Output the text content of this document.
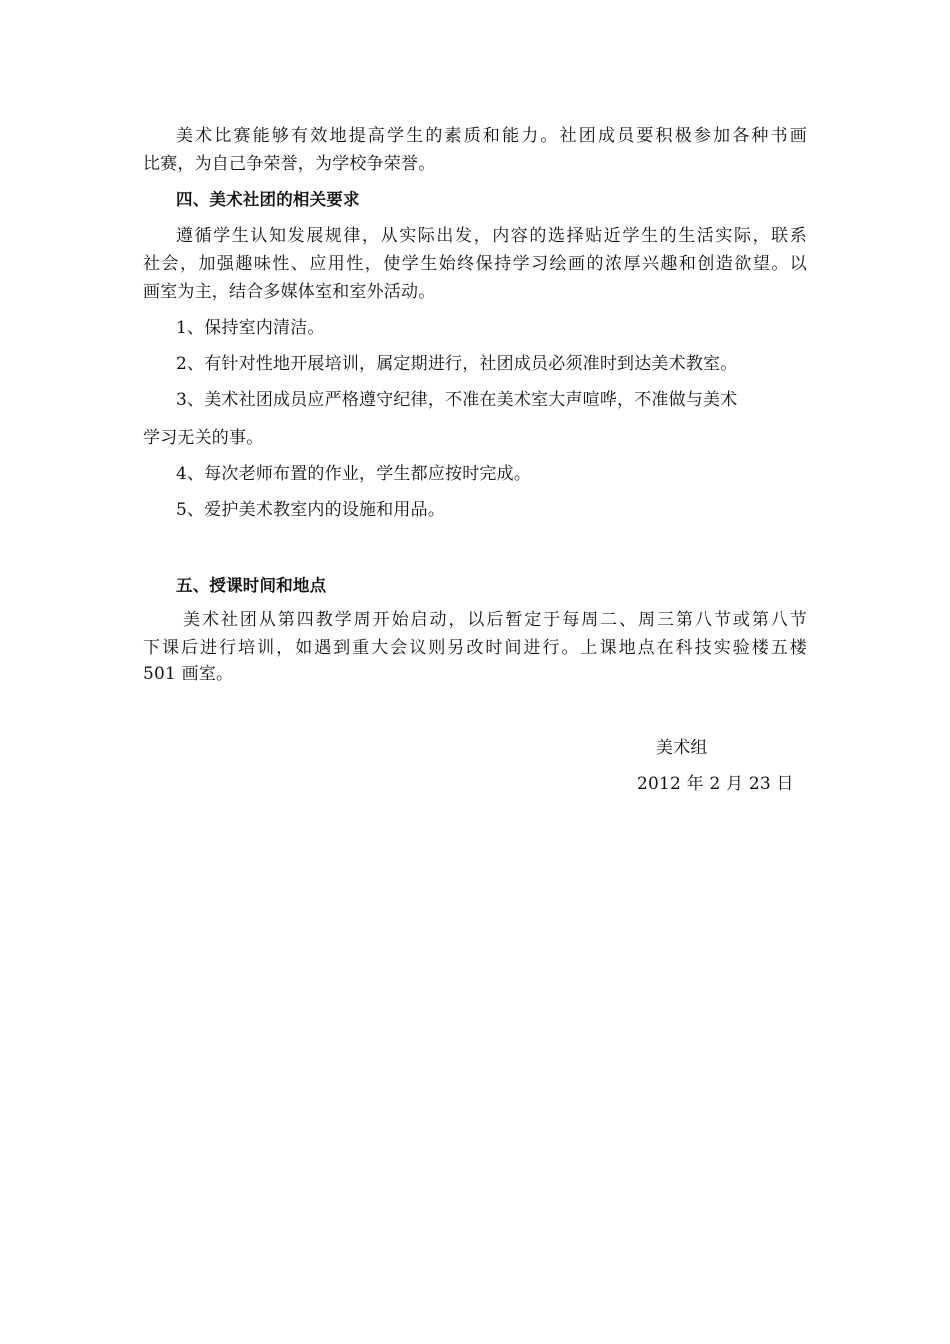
美术比赛能够有效地提高学生的素质和能力。社团成员要积极参加各种书画
比赛，为自己争荣誉，为学校争荣誉。
四、美术社团的相关要求
遵循学生认知发展规律，从实际出发，内容的选择贴近学生的生活实际，联系
社会，加强趣味性、应用性，使学生始终保持学习绘画的浓厚兴趣和创造欲望。以
画室为主，结合多媒体室和室外活动。
1、保持室内清洁。
2、有针对性地开展培训，属定期进行，社团成员必须准时到达美术教室。
3、美术社团成员应严格遵守纪律，不准在美术室大声喧哗，不准做与美术
学习无关的事。
4、每次老师布置的作业，学生都应按时完成。
5、爱护美术教室内的设施和用品。
五、授课时间和地点
美术社团从第四教学周开始启动，以后暂定于每周二、周三第八节或第八节
下课后进行培训，如遇到重大会议则另改时间进行。上课地点在科技实验楼五楼
501 画室。
美术组
2012 年 2 月 23 日
